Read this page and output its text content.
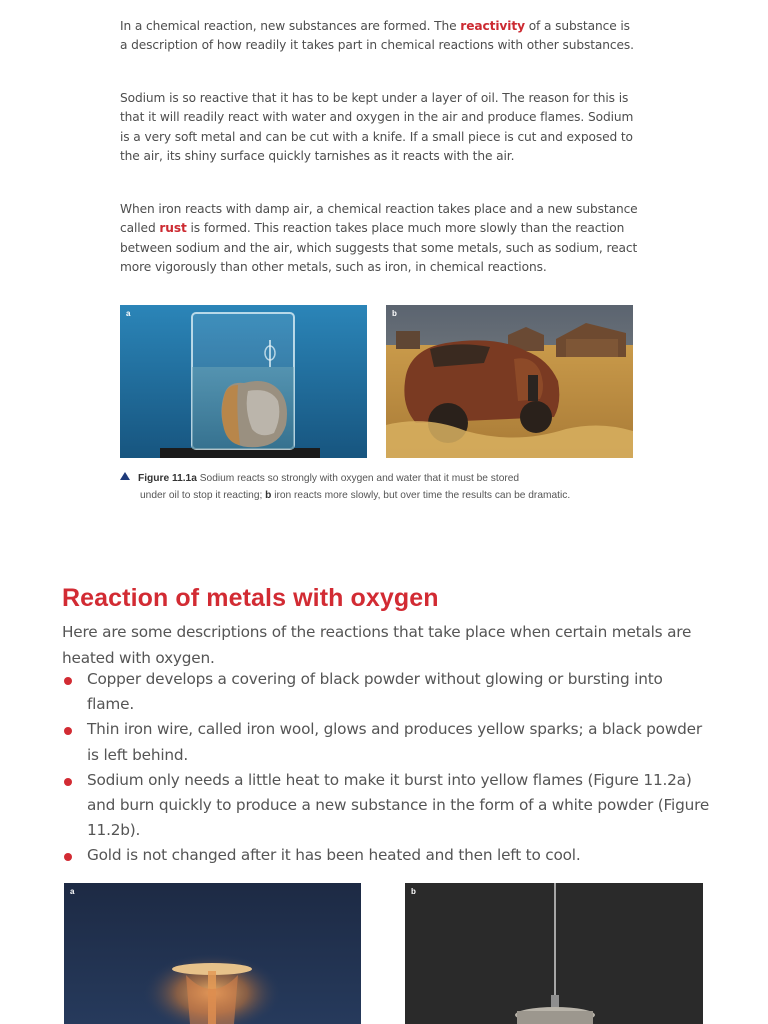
In a chemical reaction, new substances are formed. The reactivity of a substance is a description of how readily it takes part in chemical reactions with other substances.

Sodium is so reactive that it has to be kept under a layer of oil. The reason for this is that it will readily react with water and oxygen in the air and produce flames. Sodium is a very soft metal and can be cut with a knife. If a small piece is cut and exposed to the air, its shiny surface quickly tarnishes as it reacts with the air.

When iron reacts with damp air, a chemical reaction takes place and a new substance called rust is formed. This reaction takes place much more slowly than the reaction between sodium and the air, which suggests that some metals, such as sodium, react more vigorously than other metals, such as iron, in chemical reactions.

a	b
Figure 11.1a Sodium reacts so strongly with oxygen and water that it must be stored
under oil to stop it reacting; b iron reacts more slowly, but over time the results can be dramatic.
Reaction of metals with oxygen

Here are some descriptions of the reactions that take place when certain metals are heated with oxygen.

Copper develops a covering of black powder without glowing or bursting into flame.
Thin iron wire, called iron wool, glows and produces yellow sparks; a black powder is left behind.
Sodium only needs a little heat to make it burst into yellow flames (Figure 11.2a) and burn quickly to produce a new substance in the form of a white powder (Figure 11.2b).
Gold is not changed after it has been heated and then left to cool.
a	b
